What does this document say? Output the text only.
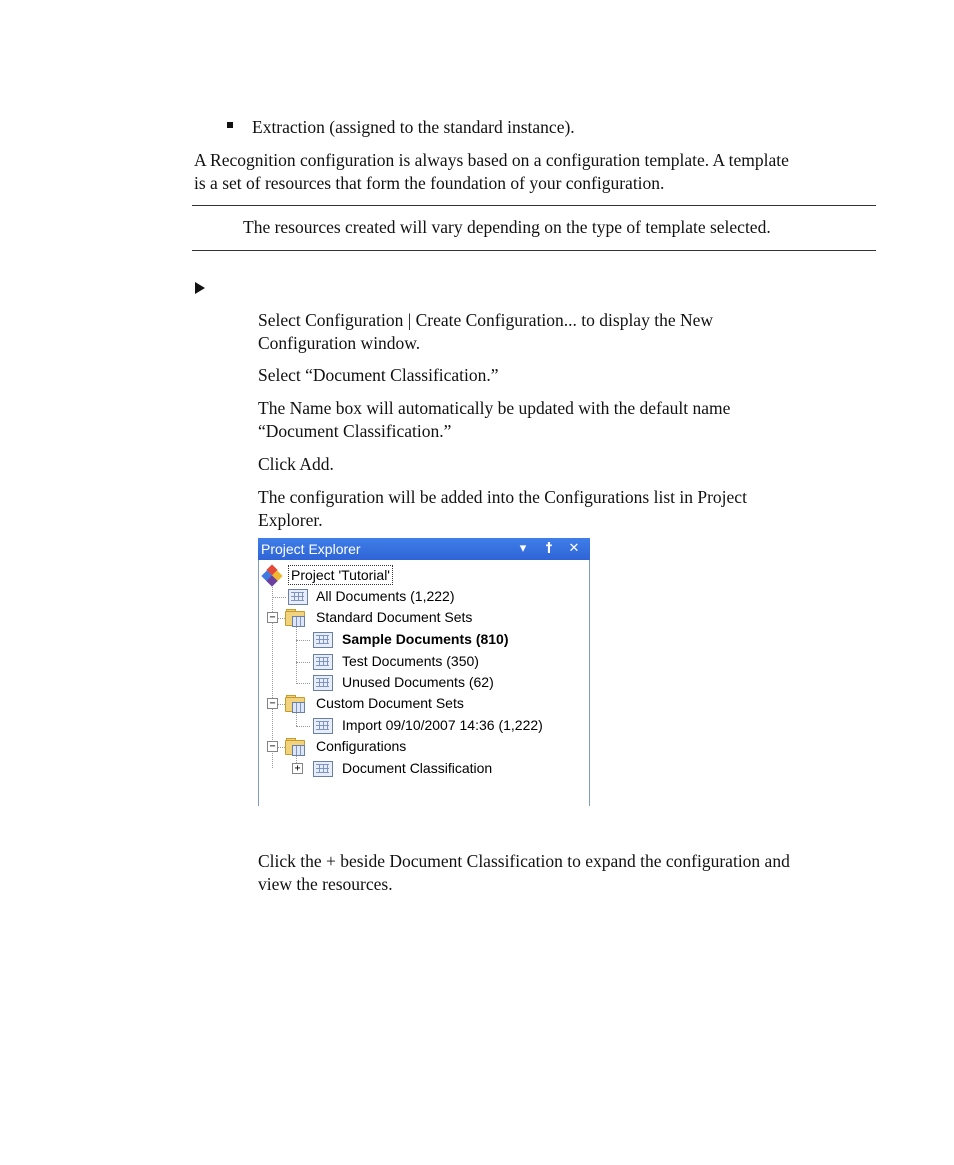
Extraction (assigned to the standard instance).
A Recognition configuration is always based on a configuration template. A template
is a set of resources that form the foundation of your configuration.
The resources created will vary depending on the type of template selected.
Select Configuration | Create Configuration... to display the New
Configuration window.
Select “Document Classification.”
The Name box will automatically be updated with the default name
“Document Classification.”
Click Add.
The configuration will be added into the Configurations list in Project
Explorer.
Project Explorer	▾	†	✕
Project 'Tutorial'
All Documents (1,222)
−	Standard Document Sets
Sample Documents (810)
Test Documents (350)
Unused Documents (62)
−	Custom Document Sets
Import 09/10/2007 14:36 (1,222)
−	Configurations
+	Document Classification
Click the + beside Document Classification to expand the configuration and
view the resources.
